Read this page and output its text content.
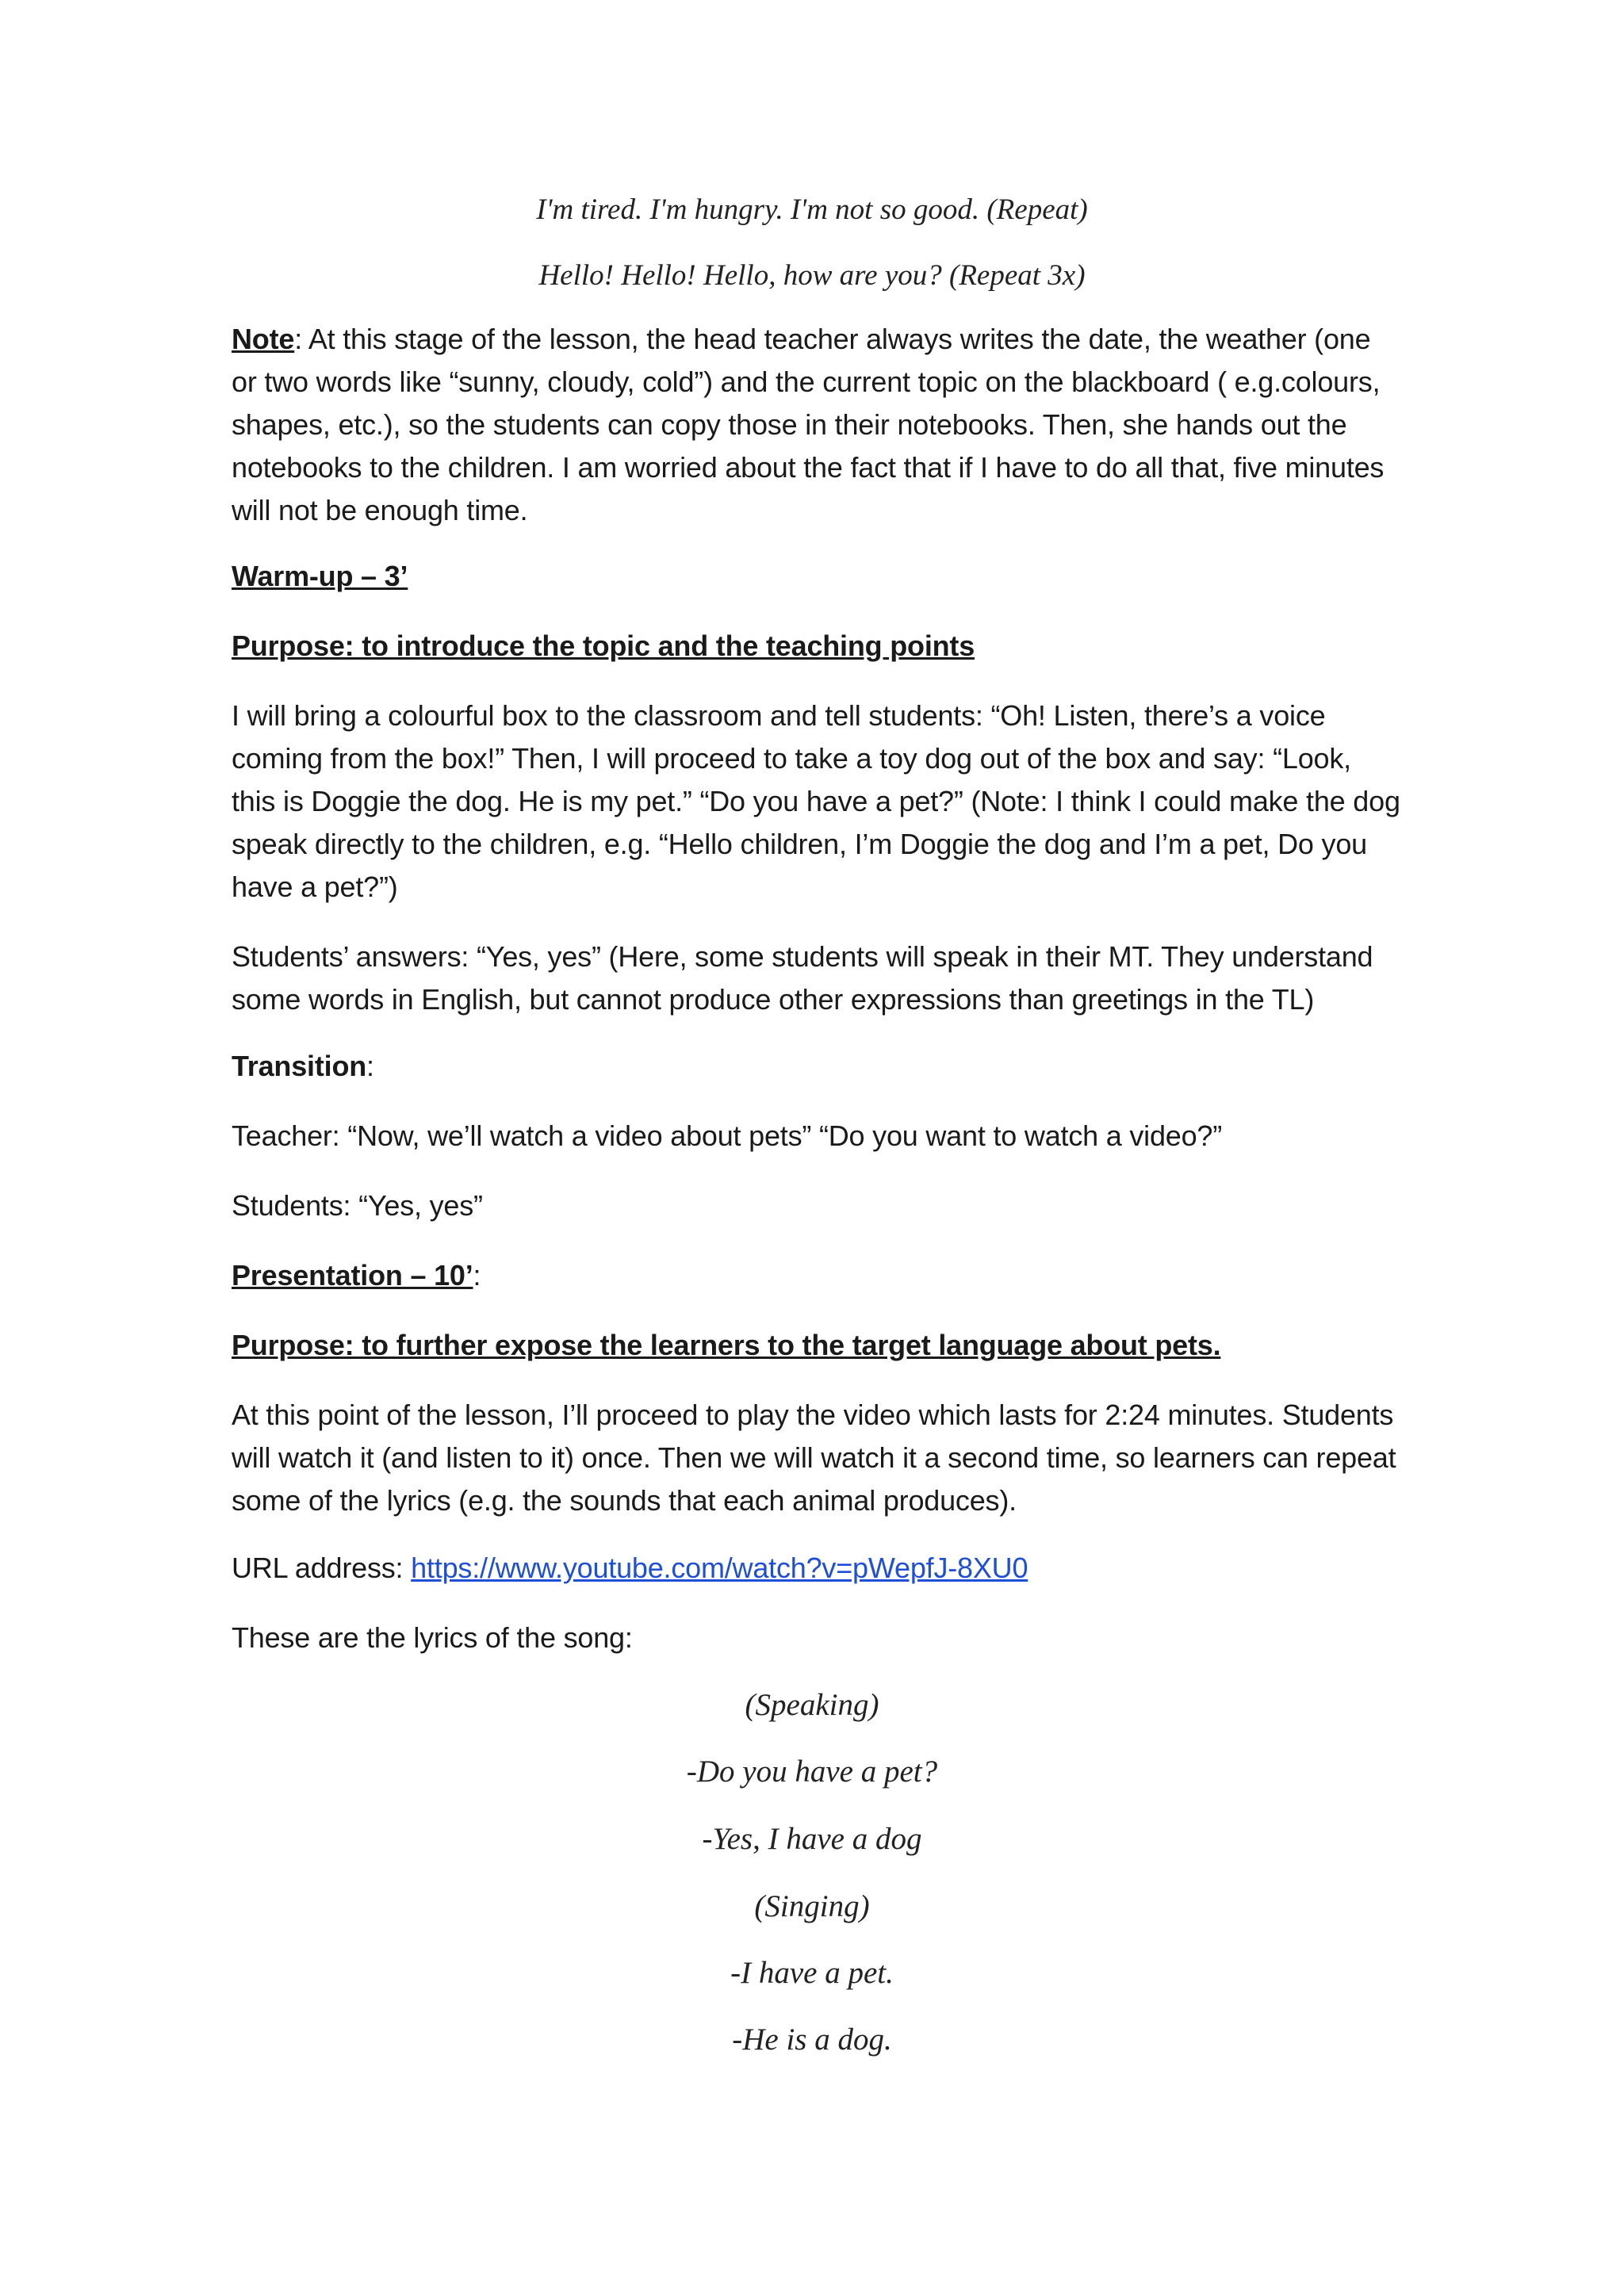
I'm tired. I'm hungry. I'm not so good. (Repeat)

Hello! Hello! Hello, how are you? (Repeat 3x)

Note: At this stage of the lesson, the head teacher always writes the date, the weather (one or two words like “sunny, cloudy, cold”) and the current topic on the blackboard ( e.g.colours, shapes, etc.), so the students can copy those in their notebooks. Then, she hands out the notebooks to the children. I am worried about the fact that if I have to do all that, five minutes will not be enough time.

Warm-up – 3’

Purpose: to introduce the topic and the teaching points

I will bring a colourful box to the classroom and tell students: “Oh! Listen, there’s a voice coming from the box!” Then, I will proceed to take a toy dog out of the box and say: “Look, this is Doggie the dog. He is my pet.” “Do you have a pet?” (Note: I think I could make the dog speak directly to the children, e.g. “Hello children, I’m Doggie the dog and I’m a pet, Do you have a pet?”)

Students’ answers: “Yes, yes” (Here, some students will speak in their MT. They understand some words in English, but cannot produce other expressions than greetings in the TL)

Transition:

Teacher: “Now, we’ll watch a video about pets” “Do you want to watch a video?”

Students: “Yes, yes”

Presentation – 10’:

Purpose: to further expose the learners to the target language about pets.

At this point of the lesson, I’ll proceed to play the video which lasts for 2:24 minutes. Students will watch it (and listen to it) once. Then we will watch it a second time, so learners can repeat some of the lyrics (e.g. the sounds that each animal produces).

URL address: https://www.youtube.com/watch?v=pWepfJ-8XU0

These are the lyrics of the song:

(Speaking)

-Do you have a pet?

-Yes, I have a dog

(Singing)

-I have a pet.

-He is a dog.
